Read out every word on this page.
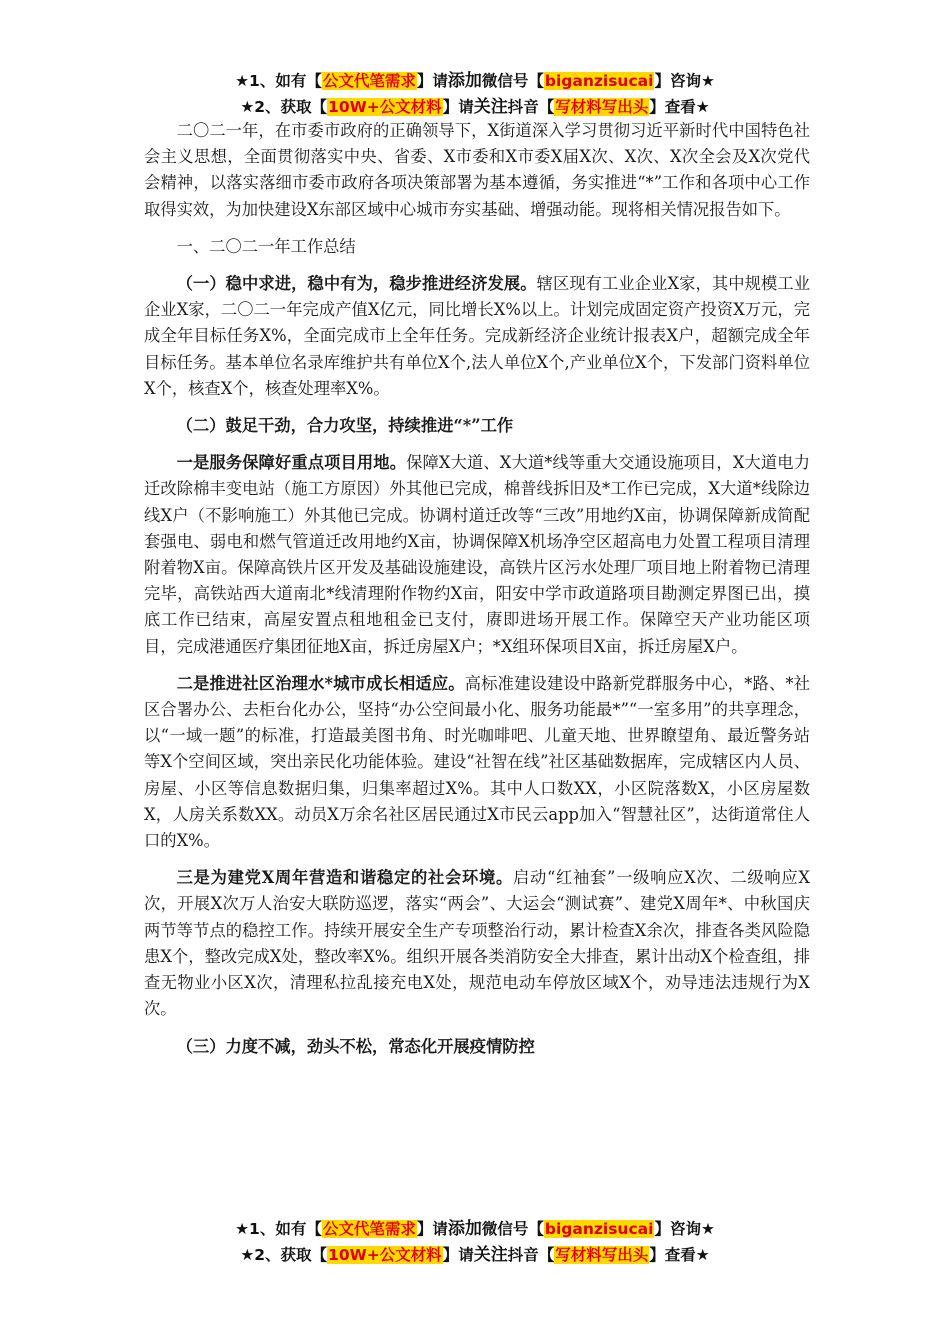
★1、如有【公文代笔需求】请添加微信号【biganzisucai】咨询★
★2、获取【10W+公文材料】请关注抖音【写材料写出头】查看★

二〇二一年，在市委市政府的正确领导下，X街道深入学习贯彻习近平新时代中国特色社会主义思想，全面贯彻落实中央、省委、X市委和X市委X届X次、X次、X次全会及X次党代会精神，以落实落细市委市政府各项决策部署为基本遵循，务实推进“*”工作和各项中心工作取得实效，为加快建设X东部区域中心城市夯实基础、增强动能。现将相关情况报告如下。

一、二〇二一年工作总结

（一）稳中求进，稳中有为，稳步推进经济发展。辖区现有工业企业X家，其中规模工业企业X家，二〇二一年完成产值X亿元，同比增长X%以上。计划完成固定资产投资X万元，完成全年目标任务X%，全面完成市上全年任务。完成新经济企业统计报表X户，超额完成全年目标任务。基本单位名录库维护共有单位X个,法人单位X个,产业单位X个，下发部门资料单位X个，核查X个，核查处理率X%。

（二）鼓足干劲，合力攻坚，持续推进“*”工作

一是服务保障好重点项目用地。保障X大道、X大道*线等重大交通设施项目，X大道电力迁改除棉丰变电站（施工方原因）外其他已完成，棉普线拆旧及*工作已完成，X大道*线除边线X户（不影响施工）外其他已完成。协调村道迁改等“三改”用地约X亩，协调保障新成简配套强电、弱电和燃气管道迁改用地约X亩，协调保障X机场净空区超高电力处置工程项目清理附着物X亩。保障高铁片区开发及基础设施建设，高铁片区污水处理厂项目地上附着物已清理完毕，高铁站西大道南北*线清理附作物约X亩，阳安中学市政道路项目勘测定界图已出，摸底工作已结束，高屋安置点租地租金已支付，赓即进场开展工作。保障空天产业功能区项目，完成港通医疗集团征地X亩，拆迁房屋X户；*X组环保项目X亩，拆迁房屋X户。

二是推进社区治理水*城市成长相适应。高标准建设建设中路新党群服务中心，*路、*社区合署办公、去柜台化办公，坚持“办公空间最小化、服务功能最*”“一室多用”的共享理念，以“一域一题”的标准，打造最美图书角、时光咖啡吧、儿童天地、世界瞭望角、最近警务站等X个空间区域，突出亲民化功能体验。建设“社智在线”社区基础数据库，完成辖区内人员、房屋、小区等信息数据归集，归集率超过X%。其中人口数XX，小区院落数X，小区房屋数X，人房关系数XX。动员X万余名社区居民通过X市民云app加入“智慧社区”，达街道常住人口的X%。

三是为建党X周年营造和谐稳定的社会环境。启动“红袖套”一级响应X次、二级响应X次，开展X次万人治安大联防巡逻，落实“两会”、大运会“测试赛”、建党X周年*、中秋国庆两节等节点的稳控工作。持续开展安全生产专项整治行动，累计检查X余次，排查各类风险隐患X个，整改完成X处，整改率X%。组织开展各类消防安全大排查，累计出动X个检查组，排查无物业小区X次，清理私拉乱接充电X处，规范电动车停放区域X个，劝导违法违规行为X次。

（三）力度不减，劲头不松，常态化开展疫情防控

★1、如有【公文代笔需求】请添加微信号【biganzisucai】咨询★
★2、获取【10W+公文材料】请关注抖音【写材料写出头】查看★
